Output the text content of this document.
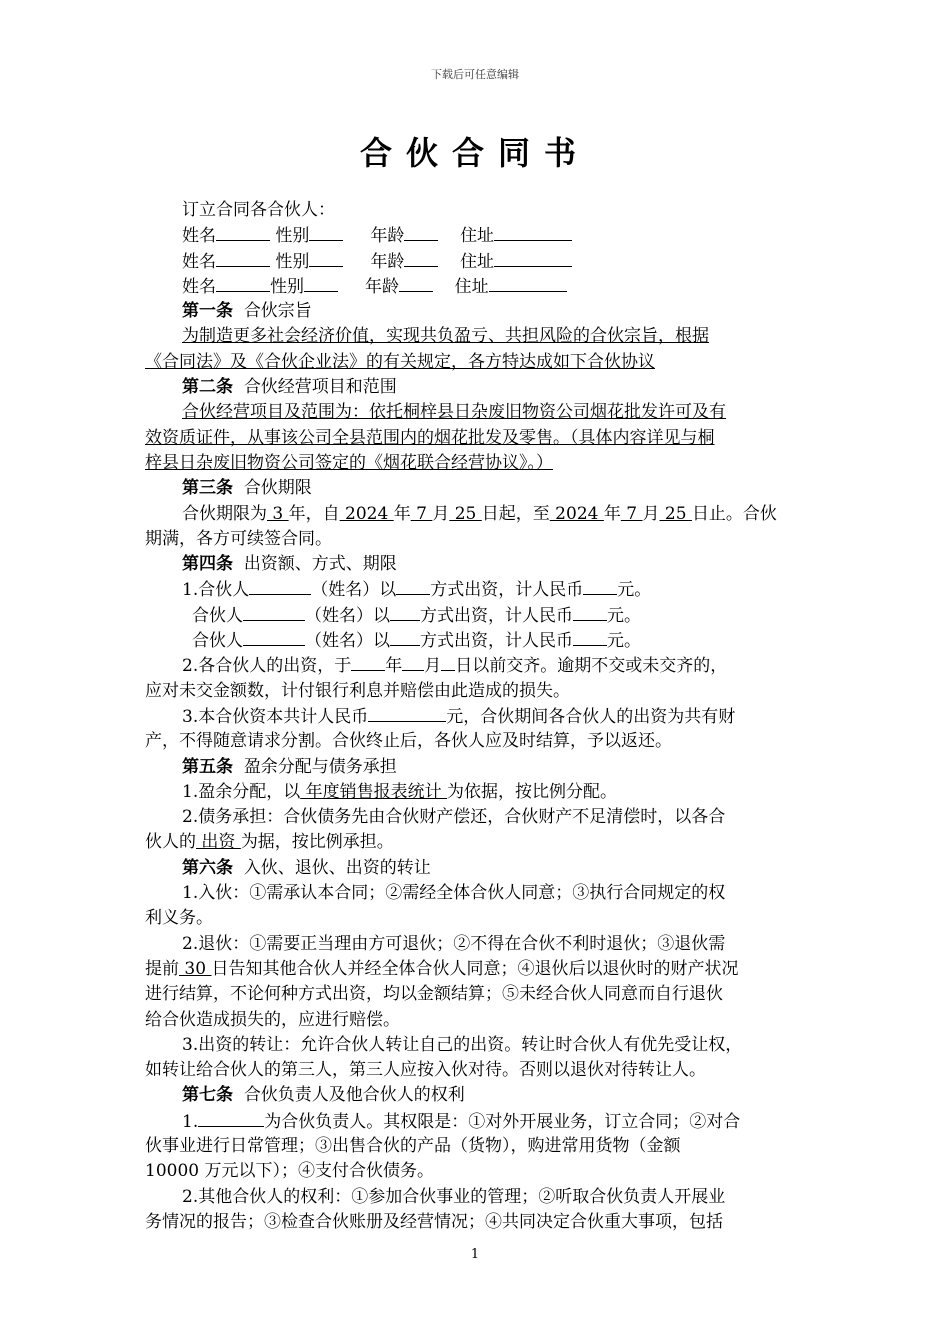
下载后可任意编辑
合伙合同书
订立合同各合伙人：
姓名	性别	年龄	住址
姓名	性别	年龄	住址
姓名	性别	年龄	住址
第一条 合伙宗旨
为制造更多社会经济价值，实现共负盈亏、共担风险的合伙宗旨，根据
《合同法》及《合伙企业法》的有关规定，各方特达成如下合伙协议
第二条 合伙经营项目和范围
合伙经营项目及范围为：依托桐梓县日杂废旧物资公司烟花批发许可及有
效资质证件，从事该公司全县范围内的烟花批发及零售。（具体内容详见与桐
梓县日杂废旧物资公司签定的《烟花联合经营协议》。）
第三条 合伙期限
合伙期限为 3 年，自 2024 年 7 月 25 日起，至 2024 年 7 月 25 日止。合伙
期满，各方可续签合同。
第四条 出资额、方式、期限
1.合伙人	（姓名）以 方式出资，计人民币 元。
合伙人	（姓名）以 方式出资，计人民币 元。
合伙人	（姓名）以 方式出资，计人民币 元。
2.各合伙人的出资，于 年 月 日以前交齐。逾期不交或未交齐的，
应对未交金额数，计付银行利息并赔偿由此造成的损失。
3.本合伙资本共计人民币	元，合伙期间各合伙人的出资为共有财
产，不得随意请求分割。合伙终止后，各伙人应及时结算，予以返还。
第五条 盈余分配与债务承担
1.盈余分配，以 年度销售报表统计 为依据，按比例分配。
2.债务承担：合伙债务先由合伙财产偿还，合伙财产不足清偿时，以各合
伙人的 出资 为据，按比例承担。
第六条 入伙、退伙、出资的转让
1.入伙：①需承认本合同；②需经全体合伙人同意；③执行合同规定的权
利义务。
2.退伙：①需要正当理由方可退伙；②不得在合伙不利时退伙；③退伙需
提前 30 日告知其他合伙人并经全体合伙人同意；④退伙后以退伙时的财产状况
进行结算，不论何种方式出资，均以金额结算；⑤未经合伙人同意而自行退伙
给合伙造成损失的，应进行赔偿。
3.出资的转让：允许合伙人转让自己的出资。转让时合伙人有优先受让权，
如转让给合伙人的第三人，第三人应按入伙对待。否则以退伙对待转让人。
第七条 合伙负责人及他合伙人的权利
1.	为合伙负责人。其权限是：①对外开展业务，订立合同；②对合
伙事业进行日常管理；③出售合伙的产品（货物），购进常用货物（金额
10000 万元以下）；④支付合伙债务。
2.其他合伙人的权利：①参加合伙事业的管理；②听取合伙负责人开展业
务情况的报告；③检查合伙账册及经营情况；④共同决定合伙重大事项，包括
1
